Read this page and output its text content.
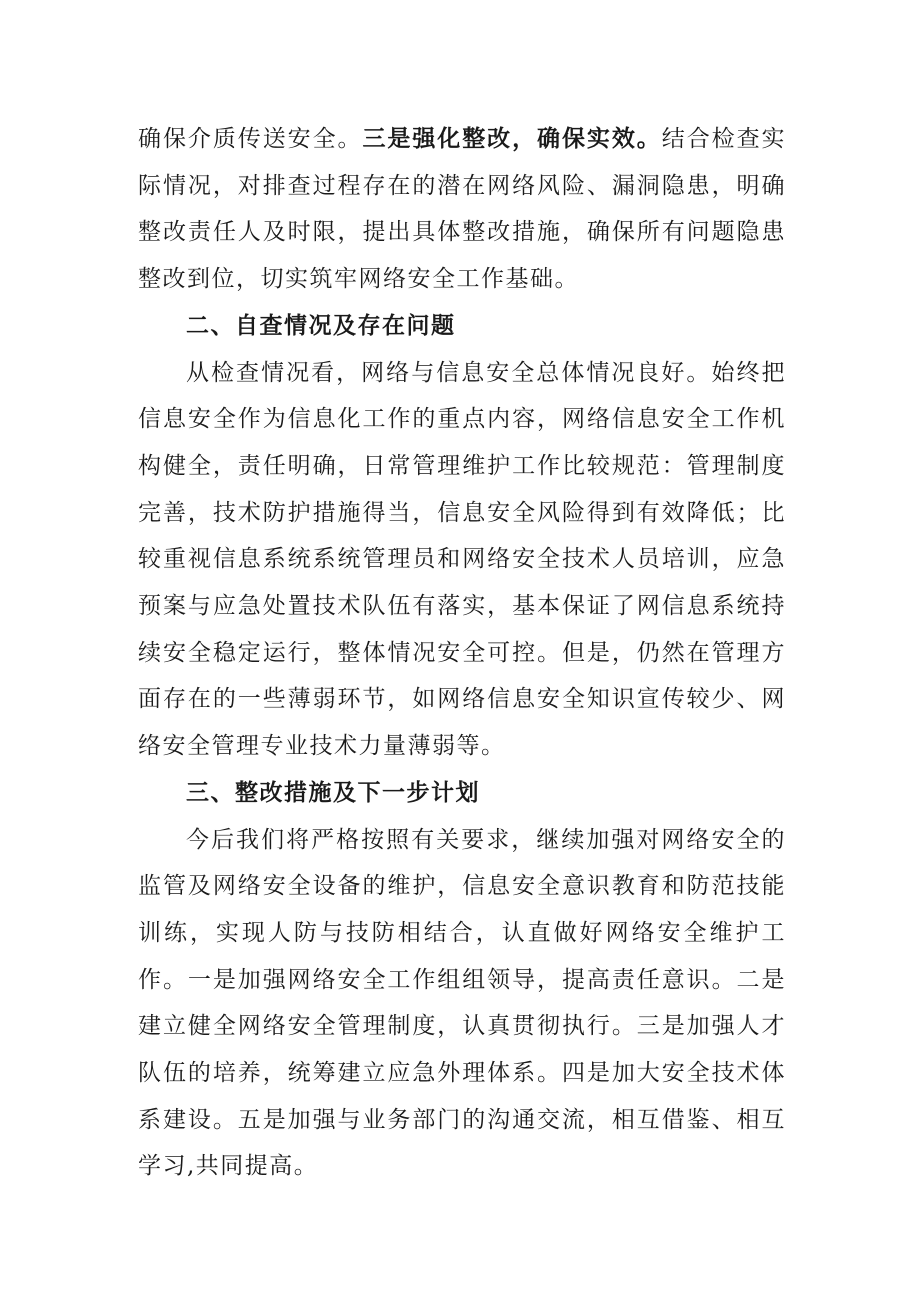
确保介质传送安全。三是强化整改，确保实效。结合检查实际情况，对排查过程存在的潜在网络风险、漏洞隐患，明确整改责任人及时限，提出具体整改措施，确保所有问题隐患整改到位，切实筑牢网络安全工作基础。

二、自查情况及存在问题

从检查情况看，网络与信息安全总体情况良好。始终把信息安全作为信息化工作的重点内容，网络信息安全工作机构健全，责任明确，日常管理维护工作比较规范：管理制度完善，技术防护措施得当，信息安全风险得到有效降低；比较重视信息系统系统管理员和网络安全技术人员培训，应急预案与应急处置技术队伍有落实，基本保证了网信息系统持续安全稳定运行，整体情况安全可控。但是，仍然在管理方面存在的一些薄弱环节，如网络信息安全知识宣传较少、网络安全管理专业技术力量薄弱等。

三、整改措施及下一步计划

今后我们将严格按照有关要求，继续加强对网络安全的监管及网络安全设备的维护，信息安全意识教育和防范技能训练，实现人防与技防相结合，认直做好网络安全维护工作。一是加强网络安全工作组组领导，提高责任意识。二是建立健全网络安全管理制度，认真贯彻执行。三是加强人才队伍的培养，统筹建立应急外理体系。四是加大安全技术体系建设。五是加强与业务部门的沟通交流，相互借鉴、相互学习,共同提高。
